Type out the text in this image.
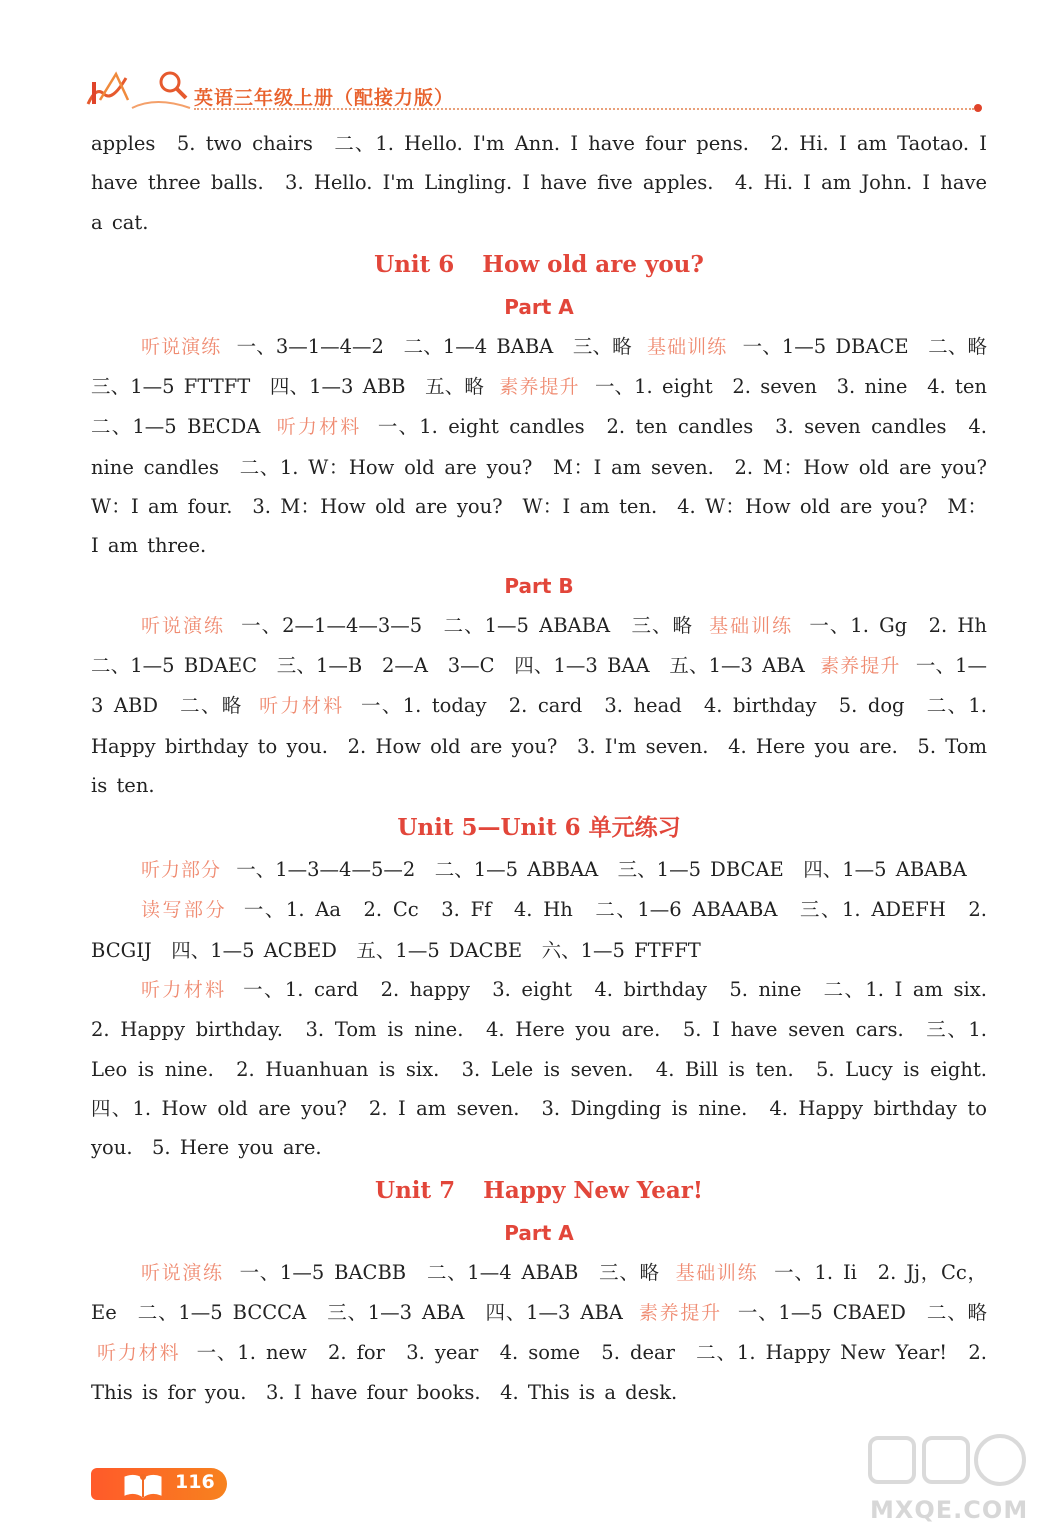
英语三年级上册（配接力版）

apples　5. two chairs　二、1. Hello. I'm Ann. I have four pens.　2. Hi. I am Taotao. I have three balls.　3. Hello. I'm Lingling. I have five apples.　4. Hi. I am John. I have a cat.

Unit 6 How old are you?
Part A

听说演练 一、3—1—4—2　二、1—4 BABA　三、略 基础训练 一、1—5 DBACE　二、略　三、1—5 FTTFT　四、1—3 ABB　五、略 素养提升 一、1. eight　2. seven　3. nine　4. ten　二、1—5 BECDA 听力材料 一、1. eight candles　2. ten candles　3. seven candles　4. nine candles　二、1. W：How old are you?　M：I am seven.　2. M：How old are you?　W：I am four.　3. M：How old are you?　W：I am ten.　4. W：How old are you?　M：I am three.

Part B

听说演练 一、2—1—4—3—5　二、1—5 ABABA　三、略 基础训练 一、1. Gg　2. Hh　二、1—5 BDAEC　三、1—B　2—A　3—C　四、1—3 BAA　五、1—3 ABA 素养提升 一、1—3 ABD　二、略 听力材料 一、1. today　2. card　3. head　4. birthday　5. dog　二、1. Happy birthday to you.　2. How old are you?　3. I'm seven.　4. Here you are.　5. Tom is ten.

Unit 5—Unit 6 单元练习

听力部分 一、1—3—4—5—2　二、1—5 ABBAA　三、1—5 DBCAE　四、1—5 ABABA

读写部分 一、1. Aa　2. Cc　3. Ff　4. Hh　二、1—6 ABAABA　三、1. ADEFH　2. BCGIJ　四、1—5 ACBED　五、1—5 DACBE　六、1—5 FTFFT

听力材料 一、1. card　2. happy　3. eight　4. birthday　5. nine　二、1. I am six.　2. Happy birthday.　3. Tom is nine.　4. Here you are.　5. I have seven cars.　三、1. Leo is nine.　2. Huanhuan is six.　3. Lele is seven.　4. Bill is ten.　5. Lucy is eight.　四、1. How old are you?　2. I am seven.　3. Dingding is nine.　4. Happy birthday to you.　5. Here you are.

Unit 7 Happy New Year!
Part A

听说演练 一、1—5 BACBB　二、1—4 ABAB　三、略 基础训练 一、1. Ii　2. Jj，Cc，Ee　二、1—5 BCCCA　三、1—3 ABA　四、1—3 ABA 素养提升 一、1—5 CBAED　二、略 听力材料 一、1. new　2. for　3. year　4. some　5. dear　二、1. Happy New Year!　2. This is for you.　3. I have four books.　4. This is a desk.

116
MXQE.COM
